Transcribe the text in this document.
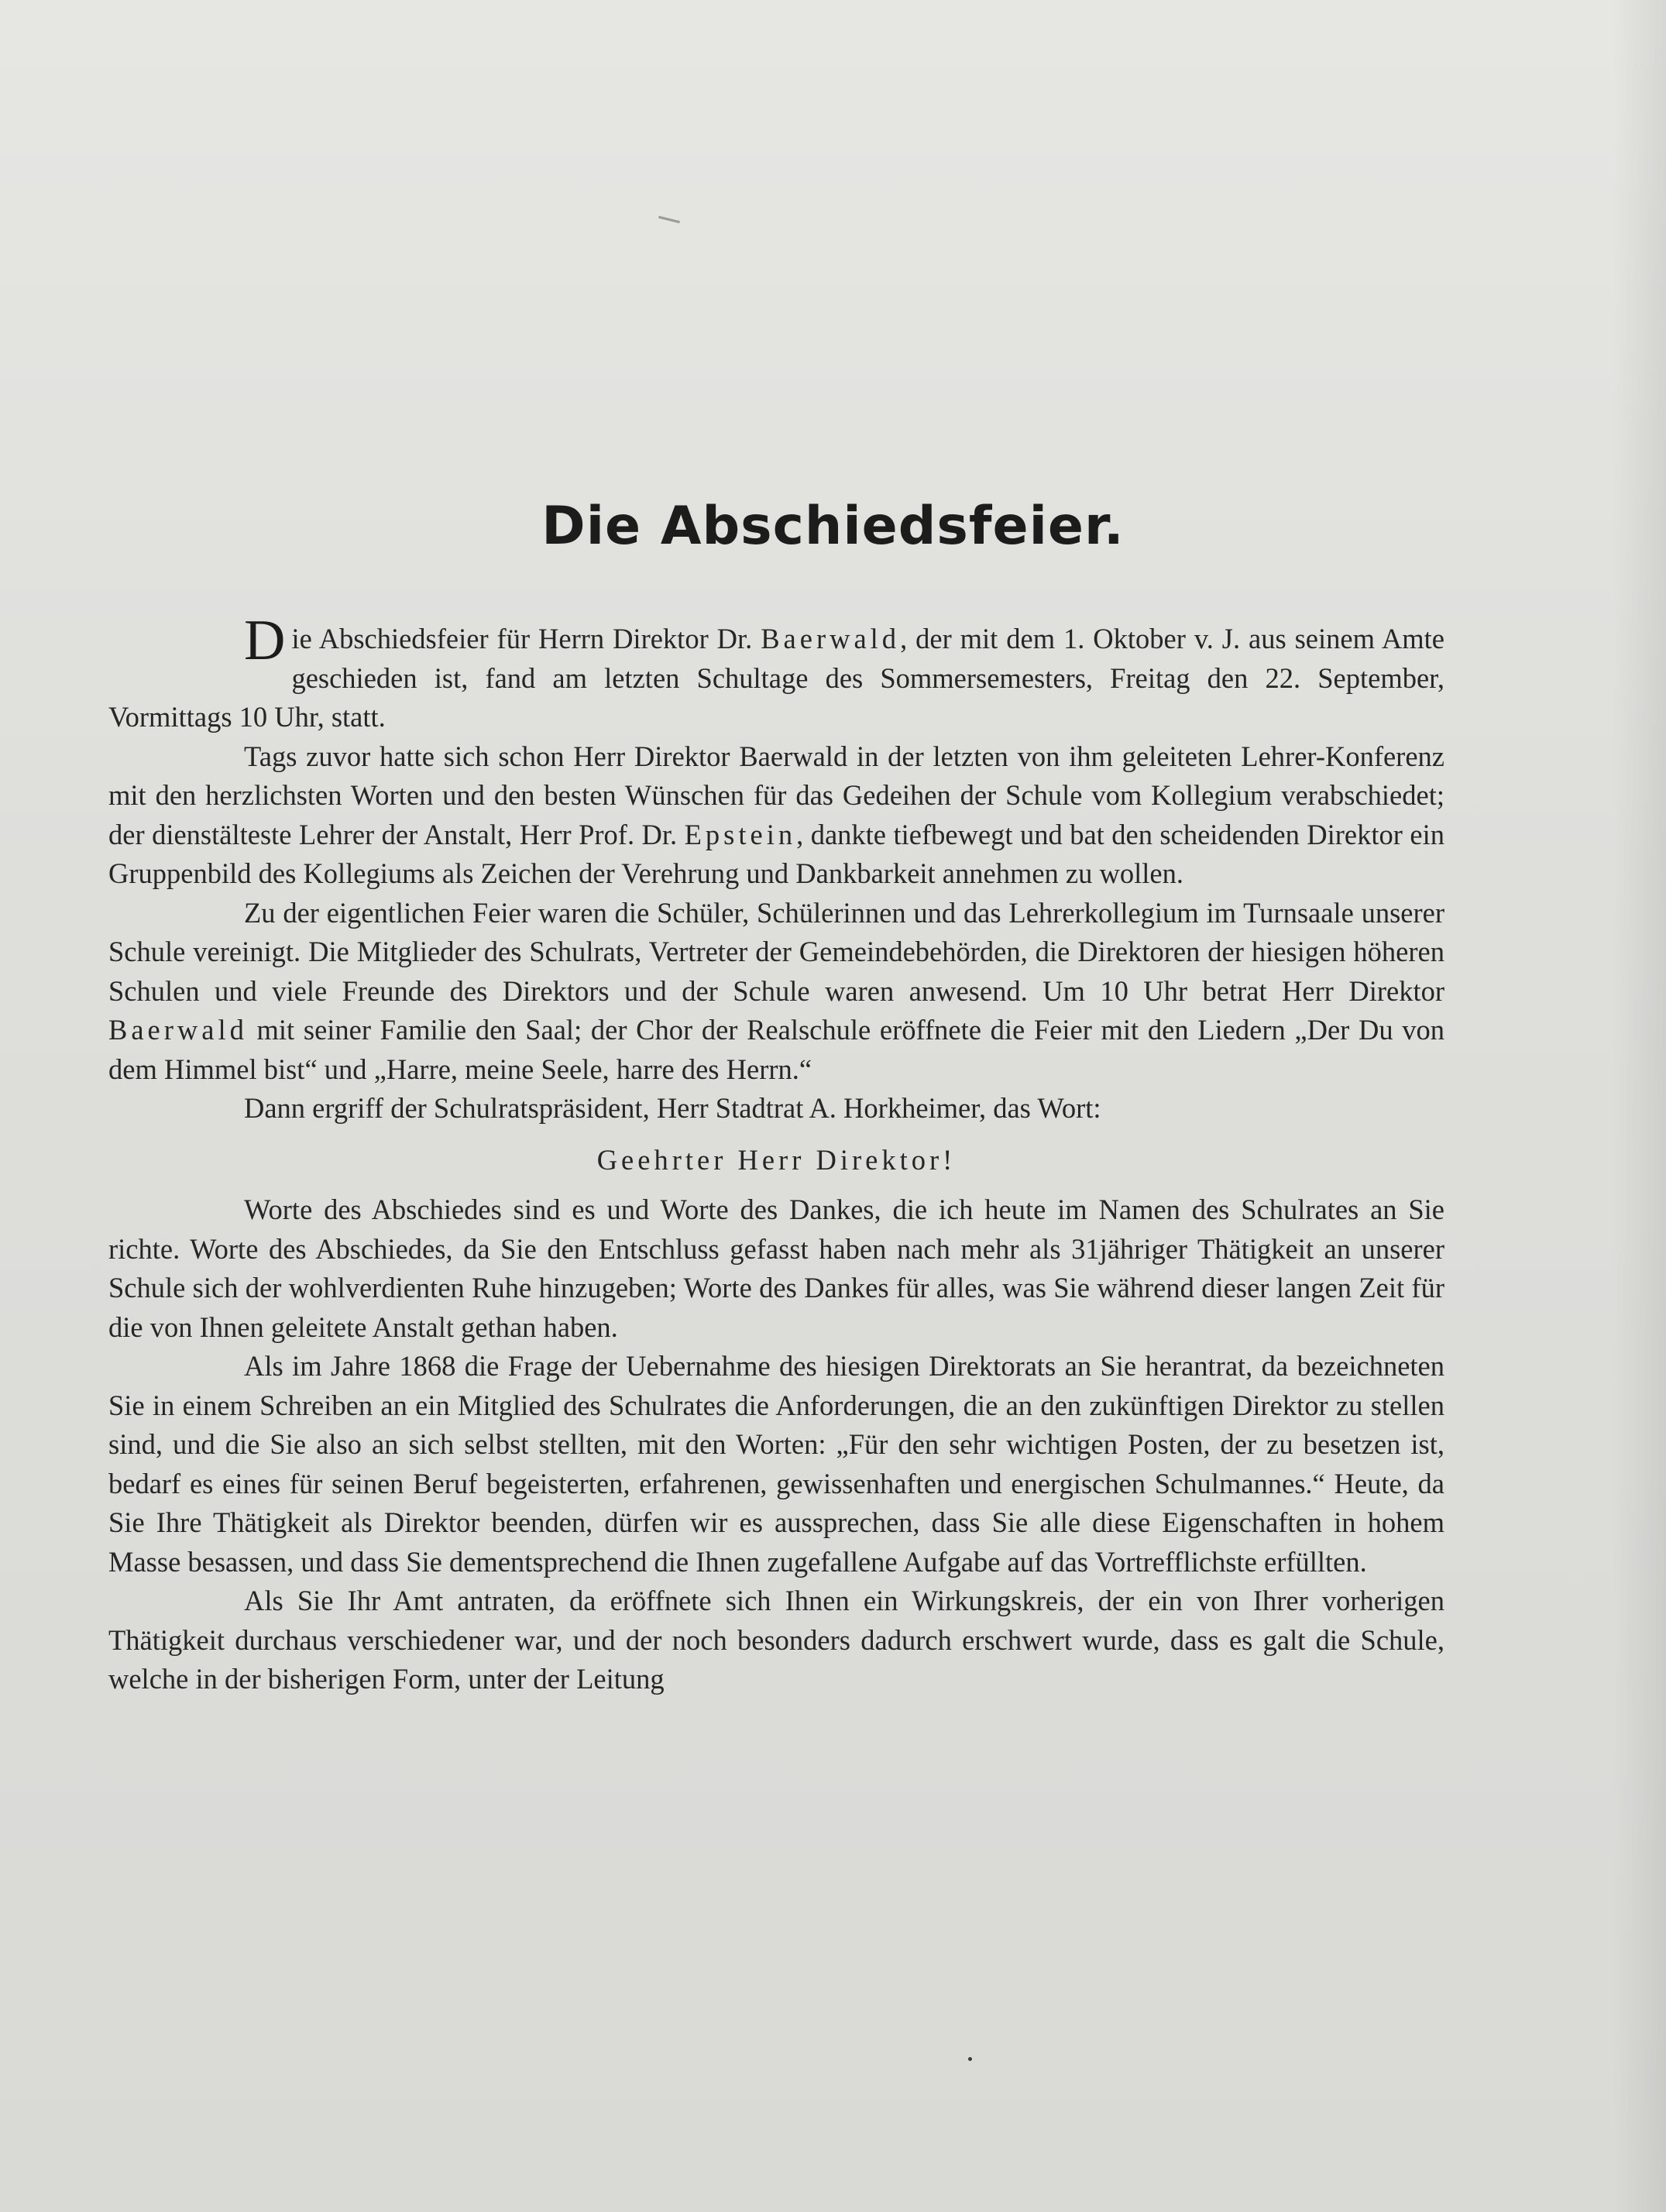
Die Abschiedsfeier.

Die Abschiedsfeier für Herrn Direktor Dr. Baerwald, der mit dem 1. Oktober v. J. aus seinem Amte geschieden ist, fand am letzten Schultage des Sommersemesters, Freitag den 22. September, Vormittags 10 Uhr, statt.

Tags zuvor hatte sich schon Herr Direktor Baerwald in der letzten von ihm geleiteten Lehrer-Konferenz mit den herzlichsten Worten und den besten Wünschen für das Gedeihen der Schule vom Kollegium verabschiedet; der dienstälteste Lehrer der Anstalt, Herr Prof. Dr. Epstein, dankte tiefbewegt und bat den scheidenden Direktor ein Gruppenbild des Kollegiums als Zeichen der Verehrung und Dankbarkeit annehmen zu wollen.

Zu der eigentlichen Feier waren die Schüler, Schülerinnen und das Lehrerkollegium im Turnsaale unserer Schule vereinigt. Die Mitglieder des Schulrats, Vertreter der Gemeindebehörden, die Direktoren der hiesigen höheren Schulen und viele Freunde des Direktors und der Schule waren anwesend. Um 10 Uhr betrat Herr Direktor Baerwald mit seiner Familie den Saal; der Chor der Realschule eröffnete die Feier mit den Liedern „Der Du von dem Himmel bist“ und „Harre, meine Seele, harre des Herrn.“

Dann ergriff der Schulratspräsident, Herr Stadtrat A. Horkheimer, das Wort:

Geehrter Herr Direktor!

Worte des Abschiedes sind es und Worte des Dankes, die ich heute im Namen des Schulrates an Sie richte. Worte des Abschiedes, da Sie den Entschluss gefasst haben nach mehr als 31jähriger Thätigkeit an unserer Schule sich der wohlverdienten Ruhe hinzugeben; Worte des Dankes für alles, was Sie während dieser langen Zeit für die von Ihnen geleitete Anstalt gethan haben.

Als im Jahre 1868 die Frage der Uebernahme des hiesigen Direktorats an Sie herantrat, da bezeichneten Sie in einem Schreiben an ein Mitglied des Schulrates die Anforderungen, die an den zukünftigen Direktor zu stellen sind, und die Sie also an sich selbst stellten, mit den Worten: „Für den sehr wichtigen Posten, der zu besetzen ist, bedarf es eines für seinen Beruf begeisterten, erfahrenen, gewissenhaften und energischen Schulmannes.“ Heute, da Sie Ihre Thätigkeit als Direktor beenden, dürfen wir es aussprechen, dass Sie alle diese Eigenschaften in hohem Masse besassen, und dass Sie dementsprechend die Ihnen zugefallene Aufgabe auf das Vortrefflichste erfüllten.

Als Sie Ihr Amt antraten, da eröffnete sich Ihnen ein Wirkungskreis, der ein von Ihrer vorherigen Thätigkeit durchaus verschiedener war, und der noch besonders dadurch erschwert wurde, dass es galt die Schule, welche in der bisherigen Form, unter der Leitung
